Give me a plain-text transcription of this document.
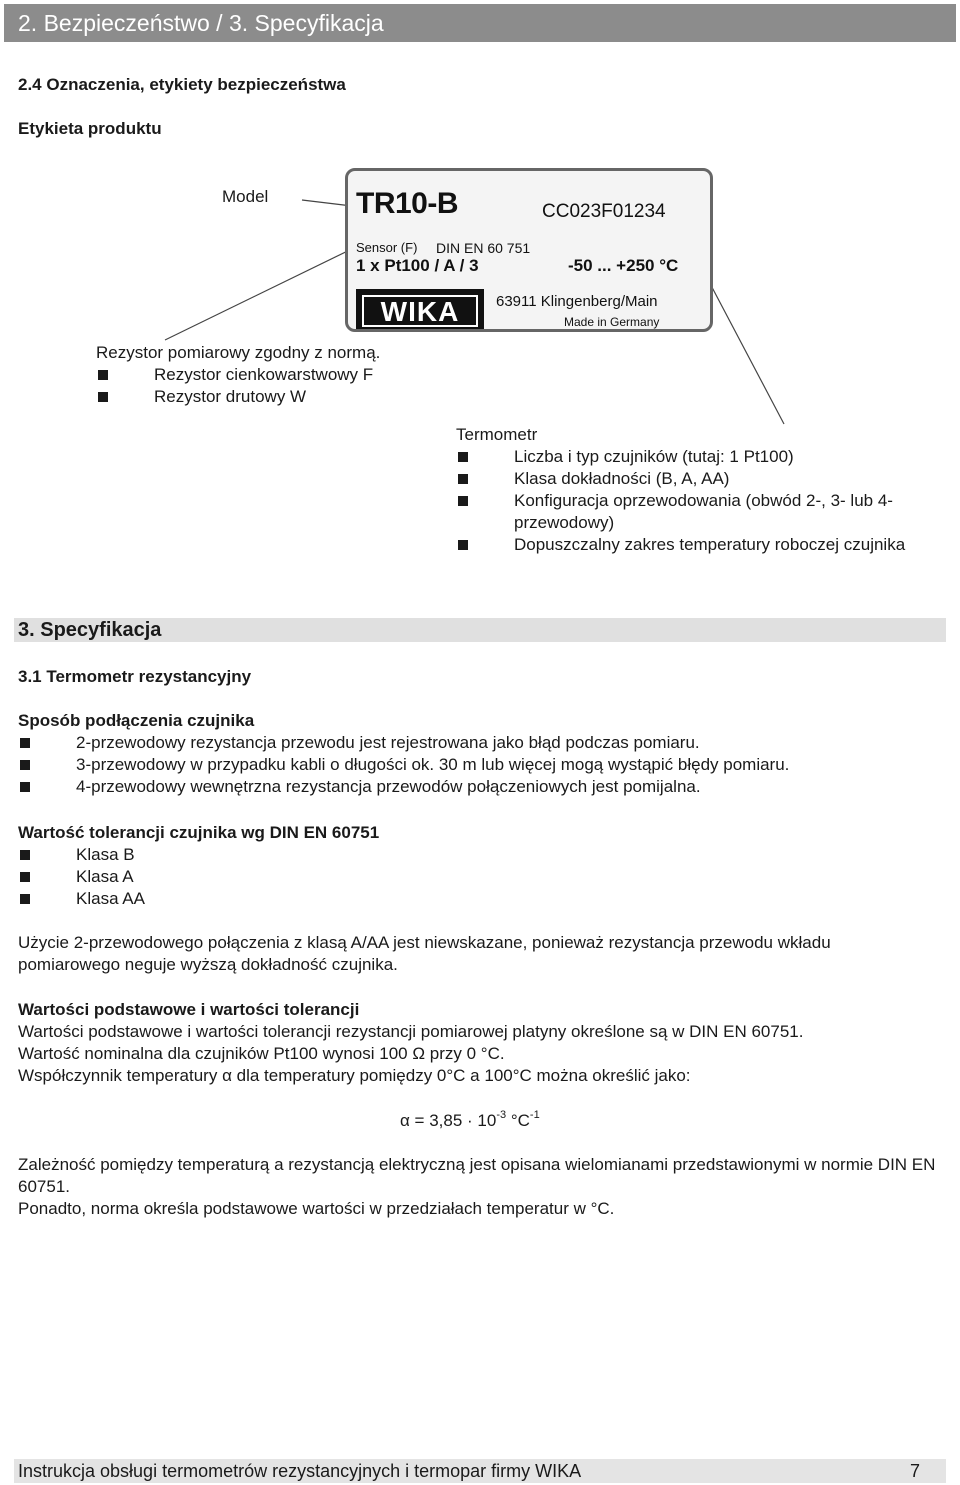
2. Bezpieczeństwo / 3. Specyfikacja
2.4 Oznaczenia, etykiety bezpieczeństwa
Etykieta produktu
Model	TR10-B	CC023F01234
Sensor (F) DIN EN 60 751
1 x Pt100 / A / 3	-50 ... +250 °C
WIKA	63911 Klingenberg/Main
Made in Germany
Rezystor pomiarowy zgodny z normą.
Rezystor cienkowarstwowy F
Rezystor drutowy W
Termometr
Liczba i typ czujników (tutaj: 1 Pt100)
Klasa dokładności (B, A, AA)
Konfiguracja oprzewodowania (obwód 2-, 3- lub 4-przewodowy)
Dopuszczalny zakres temperatury roboczej czujnika
3. Specyfikacja
3.1 Termometr rezystancyjny
Sposób podłączenia czujnika
2-przewodowy rezystancja przewodu jest rejestrowana jako błąd podczas pomiaru.
3-przewodowy w przypadku kabli o długości ok. 30 m lub więcej mogą wystąpić błędy pomiaru.
4-przewodowy wewnętrzna rezystancja przewodów połączeniowych jest pomijalna.
Wartość tolerancji czujnika wg DIN EN 60751
Klasa B
Klasa A
Klasa AA
Użycie 2-przewodowego połączenia z klasą A/AA jest niewskazane, ponieważ rezystancja przewodu wkładu pomiarowego neguje wyższą dokładność czujnika.
Wartości podstawowe i wartości tolerancji
Wartości podstawowe i wartości tolerancji rezystancji pomiarowej platyny określone są w DIN EN 60751.
Wartość nominalna dla czujników Pt100 wynosi 100 Ω przy 0 °C.
Współczynnik temperatury α dla temperatury pomiędzy 0°C a 100°C można określić jako:
$\alpha = 3,85 \cdot 10^{-3}$ $^\circ C^{-1}$
Zależność pomiędzy temperaturą a rezystancją elektryczną jest opisana wielomianami przedstawionymi w normie DIN EN 60751.
Ponadto, norma określa podstawowe wartości w przedziałach temperatur w °C.
Instrukcja obsługi termometrów rezystancyjnych i termopar firmy WIKA	7
